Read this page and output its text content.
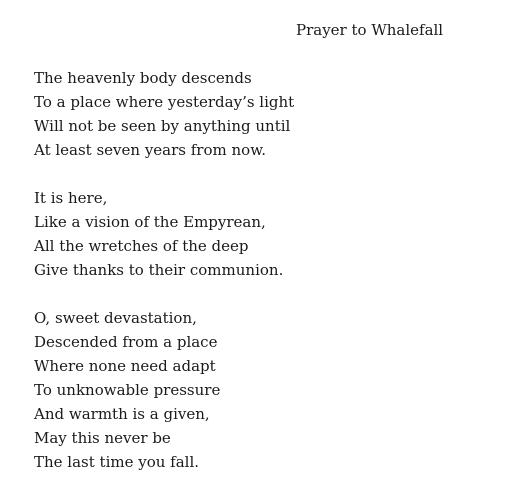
Prayer to Whalefall
The heavenly body descends
To a place where yesterday’s light
Will not be seen by anything until
At least seven years from now.
It is here,
Like a vision of the Empyrean,
All the wretches of the deep
Give thanks to their communion.
O, sweet devastation,
Descended from a place
Where none need adapt
To unknowable pressure
And warmth is a given,
May this never be
The last time you fall.
